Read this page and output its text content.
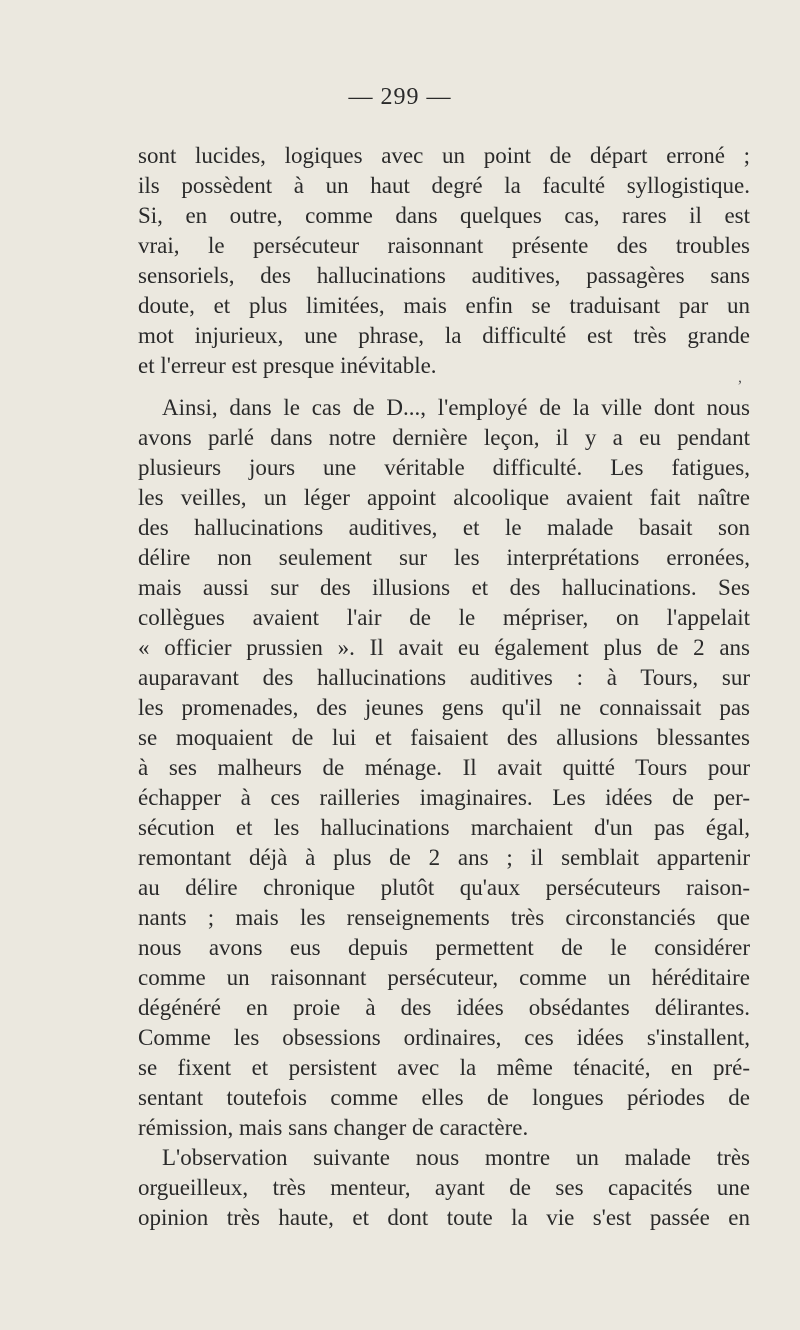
— 299 —
,
sont lucides, logiques avec un point de départ erroné ;
ils possèdent à un haut degré la faculté syllogistique.
Si, en outre, comme dans quelques cas, rares il est
vrai, le persécuteur raisonnant présente des troubles
sensoriels, des hallucinations auditives, passagères sans
doute, et plus limitées, mais enfin se traduisant par un
mot injurieux, une phrase, la difficulté est très grande
et l'erreur est presque inévitable.
Ainsi, dans le cas de D..., l'employé de la ville dont nous
avons parlé dans notre dernière leçon, il y a eu pendant
plusieurs jours une véritable difficulté. Les fatigues,
les veilles, un léger appoint alcoolique avaient fait naître
des hallucinations auditives, et le malade basait son
délire non seulement sur les interprétations erronées,
mais aussi sur des illusions et des hallucinations. Ses
collègues avaient l'air de le mépriser, on l'appelait
« officier prussien ». Il avait eu également plus de 2 ans
auparavant des hallucinations auditives : à Tours, sur
les promenades, des jeunes gens qu'il ne connaissait pas
se moquaient de lui et faisaient des allusions blessantes
à ses malheurs de ménage. Il avait quitté Tours pour
échapper à ces railleries imaginaires. Les idées de per-
sécution et les hallucinations marchaient d'un pas égal,
remontant déjà à plus de 2 ans ; il semblait appartenir
au délire chronique plutôt qu'aux persécuteurs raison-
nants ; mais les renseignements très circonstanciés que
nous avons eus depuis permettent de le considérer
comme un raisonnant persécuteur, comme un héréditaire
dégénéré en proie à des idées obsédantes délirantes.
Comme les obsessions ordinaires, ces idées s'installent,
se fixent et persistent avec la même ténacité, en pré-
sentant toutefois comme elles de longues périodes de
rémission, mais sans changer de caractère.
L'observation suivante nous montre un malade très
orgueilleux, très menteur, ayant de ses capacités une
opinion très haute, et dont toute la vie s'est passée en
